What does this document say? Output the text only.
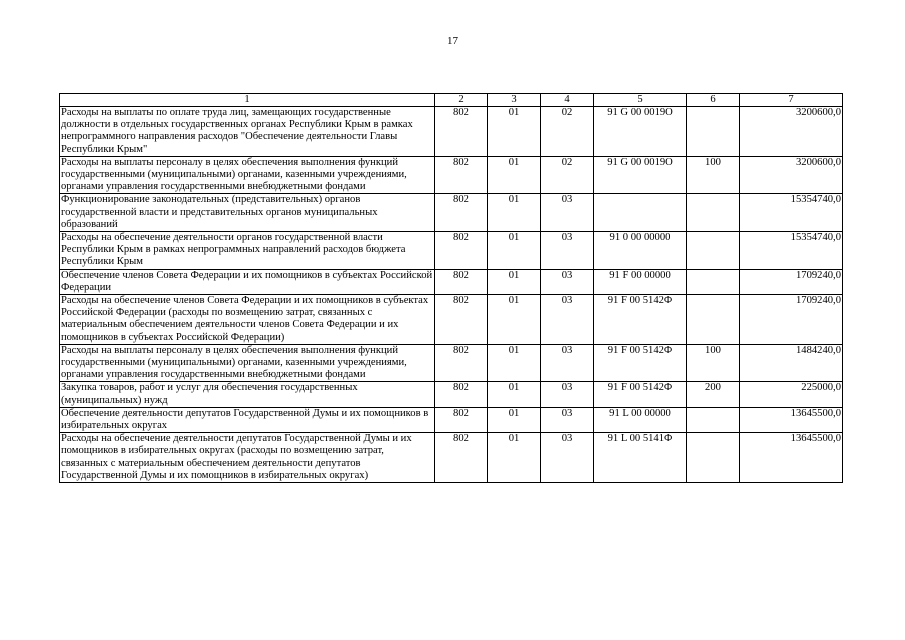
17
1	2	3	4	5	6	7
Расходы на выплаты по оплате труда лиц, замещающих государственные должности в отдельных государственных органах Республики Крым в рамках непрограммного направления расходов "Обеспечение деятельности Главы Республики Крым"	802	01	02	91 G 00 0019O		3200600,0
Расходы на выплаты персоналу в целях обеспечения выполнения функций государственными (муниципальными) органами, казенными учреждениями, органами управления государственными внебюджетными фондами	802	01	02	91 G 00 0019O	100	3200600,0
Функционирование законодательных (представительных) органов государственной власти и представительных органов муниципальных образований	802	01	03			15354740,0
Расходы на обеспечение деятельности органов государственной власти Республики Крым в рамках непрограммных направлений расходов бюджета Республики Крым	802	01	03	91 0 00 00000		15354740,0
Обеспечение членов Совета Федерации и их помощников в субъектах Российской Федерации	802	01	03	91 F 00 00000		1709240,0
Расходы на обеспечение членов Совета Федерации и их помощников в субъектах Российской Федерации (расходы по возмещению затрат, связанных с материальным обеспечением деятельности членов Совета Федерации и их помощников в субъектах Российской Федерации)	802	01	03	91 F 00 5142Ф		1709240,0
Расходы на выплаты персоналу в целях обеспечения выполнения функций государственными (муниципальными) органами, казенными учреждениями, органами управления государственными внебюджетными фондами	802	01	03	91 F 00 5142Ф	100	1484240,0
Закупка товаров, работ и услуг для обеспечения государственных (муниципальных) нужд	802	01	03	91 F 00 5142Ф	200	225000,0
Обеспечение деятельности депутатов Государственной Думы и их помощников в избирательных округах	802	01	03	91 L 00 00000		13645500,0
Расходы на обеспечение деятельности депутатов Государственной Думы и их помощников в избирательных округах (расходы по возмещению затрат, связанных с материальным обеспечением деятельности депутатов Государственной Думы и их помощников в избирательных округах)	802	01	03	91 L 00 5141Ф		13645500,0
